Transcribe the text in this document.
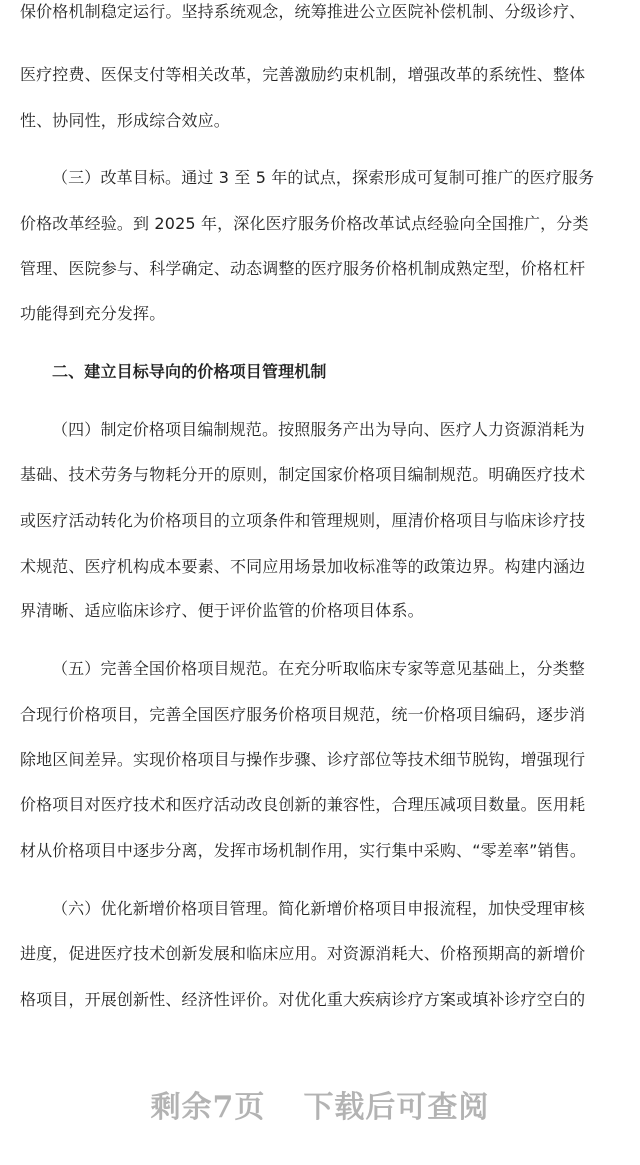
保价格机制稳定运行。坚持系统观念，统筹推进公立医院补偿机制、分级诊疗、
医疗控费、医保支付等相关改革，完善激励约束机制，增强改革的系统性、整体
性、协同性，形成综合效应。
（三）改革目标。通过 3 至 5 年的试点，探索形成可复制可推广的医疗服务
价格改革经验。到 2025 年，深化医疗服务价格改革试点经验向全国推广，分类
管理、医院参与、科学确定、动态调整的医疗服务价格机制成熟定型，价格杠杆
功能得到充分发挥。
二、建立目标导向的价格项目管理机制
（四）制定价格项目编制规范。按照服务产出为导向、医疗人力资源消耗为
基础、技术劳务与物耗分开的原则，制定国家价格项目编制规范。明确医疗技术
或医疗活动转化为价格项目的立项条件和管理规则，厘清价格项目与临床诊疗技
术规范、医疗机构成本要素、不同应用场景加收标准等的政策边界。构建内涵边
界清晰、适应临床诊疗、便于评价监管的价格项目体系。
（五）完善全国价格项目规范。在充分听取临床专家等意见基础上，分类整
合现行价格项目，完善全国医疗服务价格项目规范，统一价格项目编码，逐步消
除地区间差异。实现价格项目与操作步骤、诊疗部位等技术细节脱钩，增强现行
价格项目对医疗技术和医疗活动改良创新的兼容性，合理压减项目数量。医用耗
材从价格项目中逐步分离，发挥市场机制作用，实行集中采购、“零差率”销售。
（六）优化新增价格项目管理。简化新增价格项目申报流程，加快受理审核
进度，促进医疗技术创新发展和临床应用。对资源消耗大、价格预期高的新增价
格项目，开展创新性、经济性评价。对优化重大疾病诊疗方案或填补诊疗空白的
剩余7页 下载后可查阅
